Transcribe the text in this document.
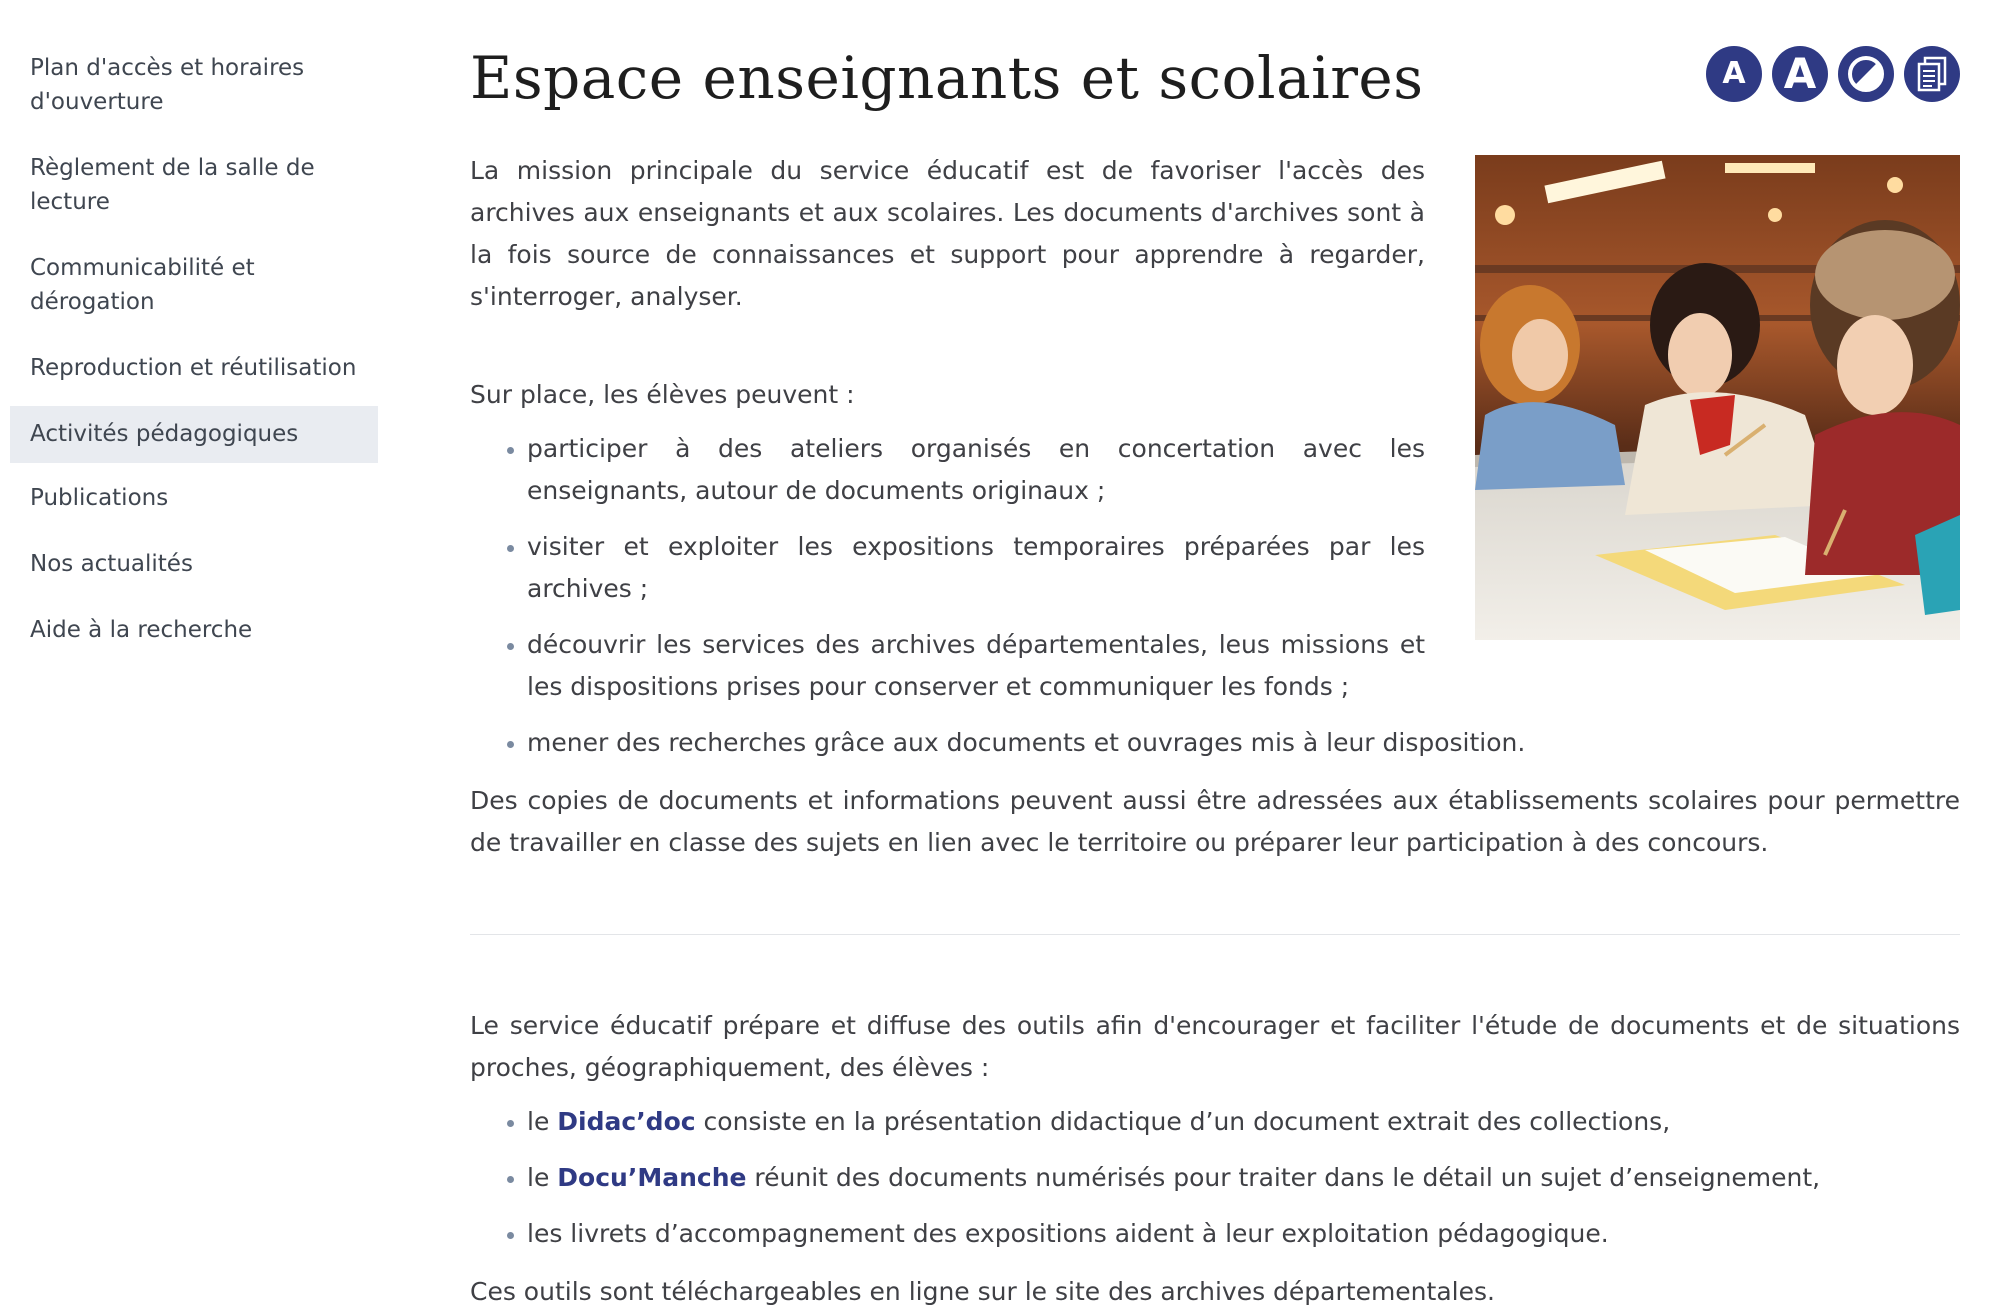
Plan d'accès et horaires d'ouverture
Règlement de la salle de lecture
Communicabilité et dérogation
Reproduction et réutilisation
Activités pédagogiques
Publications
Nos actualités
Aide à la recherche
Espace enseignants et scolaires	A A

La mission principale du service éducatif est de favoriser l'accès des archives aux enseignants et aux scolaires. Les documents d'archives sont à la fois source de connaissances et support pour apprendre à regarder, s'interroger, analyser.

Sur place, les élèves peuvent :

participer à des ateliers organisés en concertation avec les enseignants, autour de documents originaux ;
visiter et exploiter les expositions temporaires préparées par les archives ;
découvrir les services des archives départementales, leus missions et les dispositions prises pour conserver et communiquer les fonds ;
mener des recherches grâce aux documents et ouvrages mis à leur disposition.

Des copies de documents et informations peuvent aussi être adressées aux établissements scolaires pour permettre de travailler en classe des sujets en lien avec le territoire ou préparer leur participation à des concours.

Le service éducatif prépare et diffuse des outils afin d'encourager et faciliter l'étude de documents et de situations proches, géographiquement, des élèves :

le Didac’doc consiste en la présentation didactique d’un document extrait des collections,
le Docu’Manche réunit des documents numérisés pour traiter dans le détail un sujet d’enseignement,
les livrets d’accompagnement des expositions aident à leur exploitation pédagogique.

Ces outils sont téléchargeables en ligne sur le site des archives départementales.
